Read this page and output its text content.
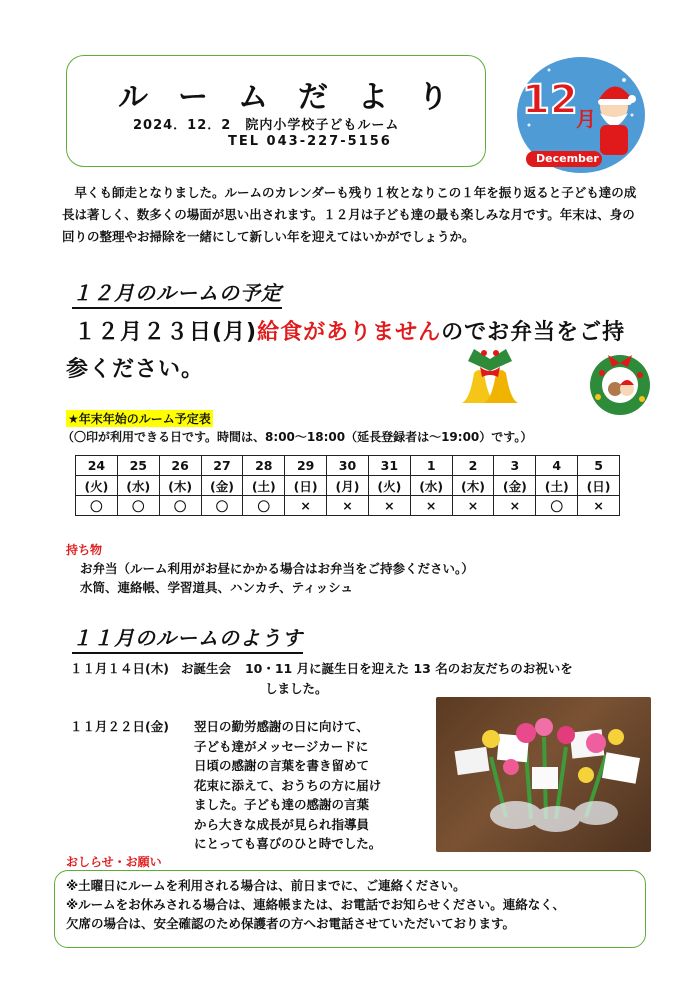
ルームだより
2024．12．2 院内小学校子どもルーム
TEL 043-227-5156
12
月
December
早くも師走となりました。ルームのカレンダーも残り１枚となりこの１年を振り返ると子ども達の成長は著しく、数多くの場面が思い出されます。１２月は子ども達の最も楽しみな月です。年末は、身の回りの整理やお掃除を一緒にして新しい年を迎えてはいかがでしょうか。
１２月のルームの予定
１２月２３日(月)給食がありませんのでお弁当をご持
参ください。
★年末年始のルーム予定表
（〇印が利用できる日です。時間は、8:00～18:00（延長登録者は～19:00）です。）
24	25	26	27	28	29	30	31	1	2	3	4	5
(火)	(水)	(木)	(金)	(土)	(日)	(月)	(火)	(水)	(木)	(金)	(土)	(日)
〇	〇	〇	〇	〇	×	×	×	×	×	×	〇	×
持ち物
お弁当（ルーム利用がお昼にかかる場合はお弁当をご持参ください。）
水筒、連絡帳、学習道具、ハンカチ、ティッシュ
１１月のルームのようす
１１月１４日(木) お誕生会 10・11 月に誕生日を迎えた 13 名のお友だちのお祝いを
しました。
１１月２２日(金) 翌日の勤労感謝の日に向けて、
子ども達がメッセージカードに
日頃の感謝の言葉を書き留めて
花束に添えて、おうちの方に届け
ました。子ども達の感謝の言葉
から大きな成長が見られ指導員
にとっても喜びのひと時でした。
おしらせ・お願い
※土曜日にルームを利用される場合は、前日までに、ご連絡ください。
※ルームをお休みされる場合は、連絡帳または、お電話でお知らせください。連絡なく、
欠席の場合は、安全確認のため保護者の方へお電話させていただいております。
